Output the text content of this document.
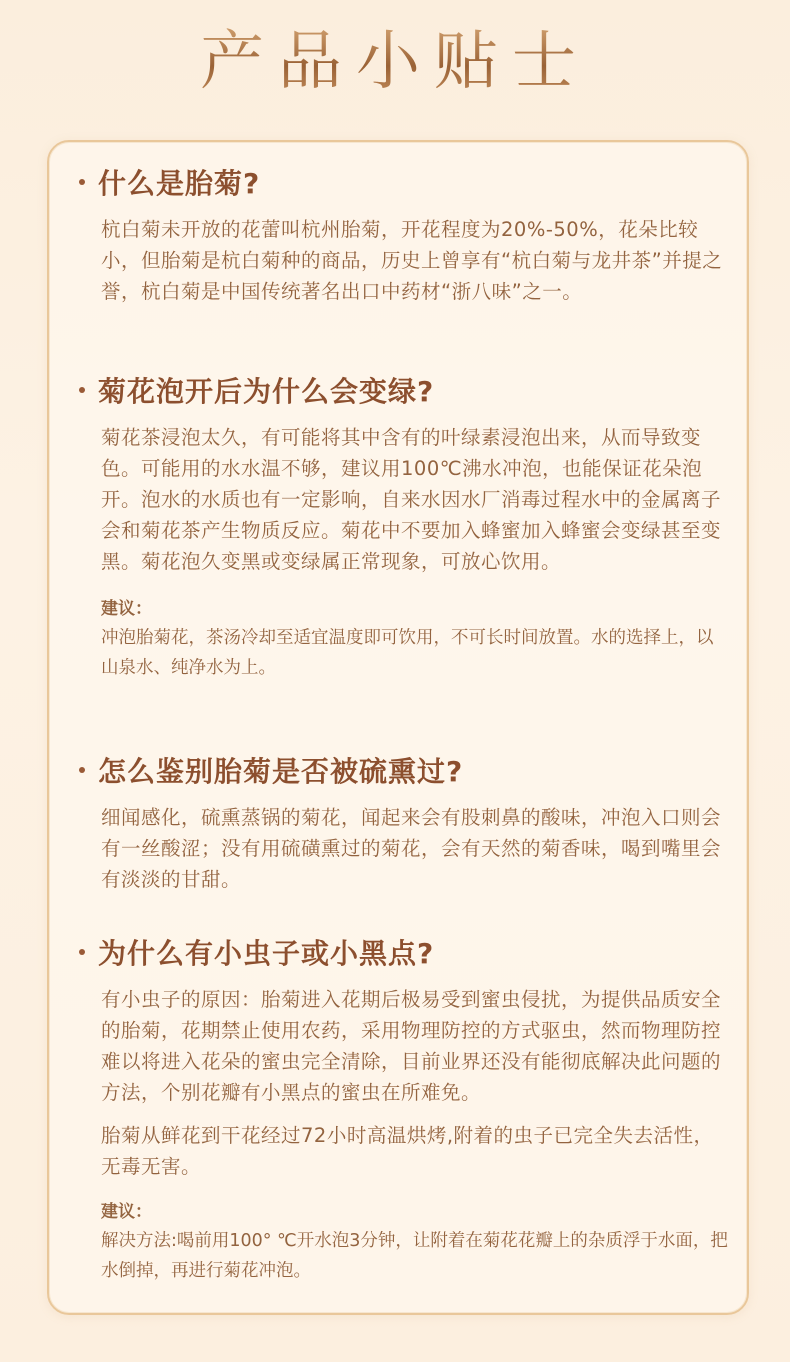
产品小贴士
什么是胎菊?

杭白菊未开放的花蕾叫杭州胎菊，开花程度为20%-50%，花朵比较小，但胎菊是杭白菊种的商品，历史上曾享有“杭白菊与龙井茶”并提之誉，杭白菊是中国传统著名出口中药材“浙八味”之一。

菊花泡开后为什么会变绿?

菊花茶浸泡太久，有可能将其中含有的叶绿素浸泡出来，从而导致变色。可能用的水水温不够，建议用100℃沸水冲泡，也能保证花朵泡开。泡水的水质也有一定影响，自来水因水厂消毒过程水中的金属离子会和菊花茶产生物质反应。菊花中不要加入蜂蜜加入蜂蜜会变绿甚至变黑。菊花泡久变黑或变绿属正常现象，可放心饮用。

建议：

冲泡胎菊花，茶汤冷却至适宜温度即可饮用，不可长时间放置。水的选择上，以山泉水、纯净水为上。

怎么鉴别胎菊是否被硫熏过?

细闻感化，硫熏蒸锅的菊花，闻起来会有股刺鼻的酸味，冲泡入口则会有一丝酸涩；没有用硫磺熏过的菊花，会有天然的菊香味，喝到嘴里会有淡淡的甘甜。

为什么有小虫子或小黑点?

有小虫子的原因：胎菊进入花期后极易受到蜜虫侵扰，为提供品质安全的胎菊，花期禁止使用农药，采用物理防控的方式驱虫，然而物理防控难以将进入花朵的蜜虫完全清除，目前业界还没有能彻底解决此问题的方法，个别花瓣有小黑点的蜜虫在所难免。

胎菊从鲜花到干花经过72小时高温烘烤,附着的虫子已完全失去活性，无毒无害。

建议：

解决方法:喝前用100° ℃开水泡3分钟，让附着在菊花花瓣上的杂质浮于水面，把水倒掉，再进行菊花冲泡。
